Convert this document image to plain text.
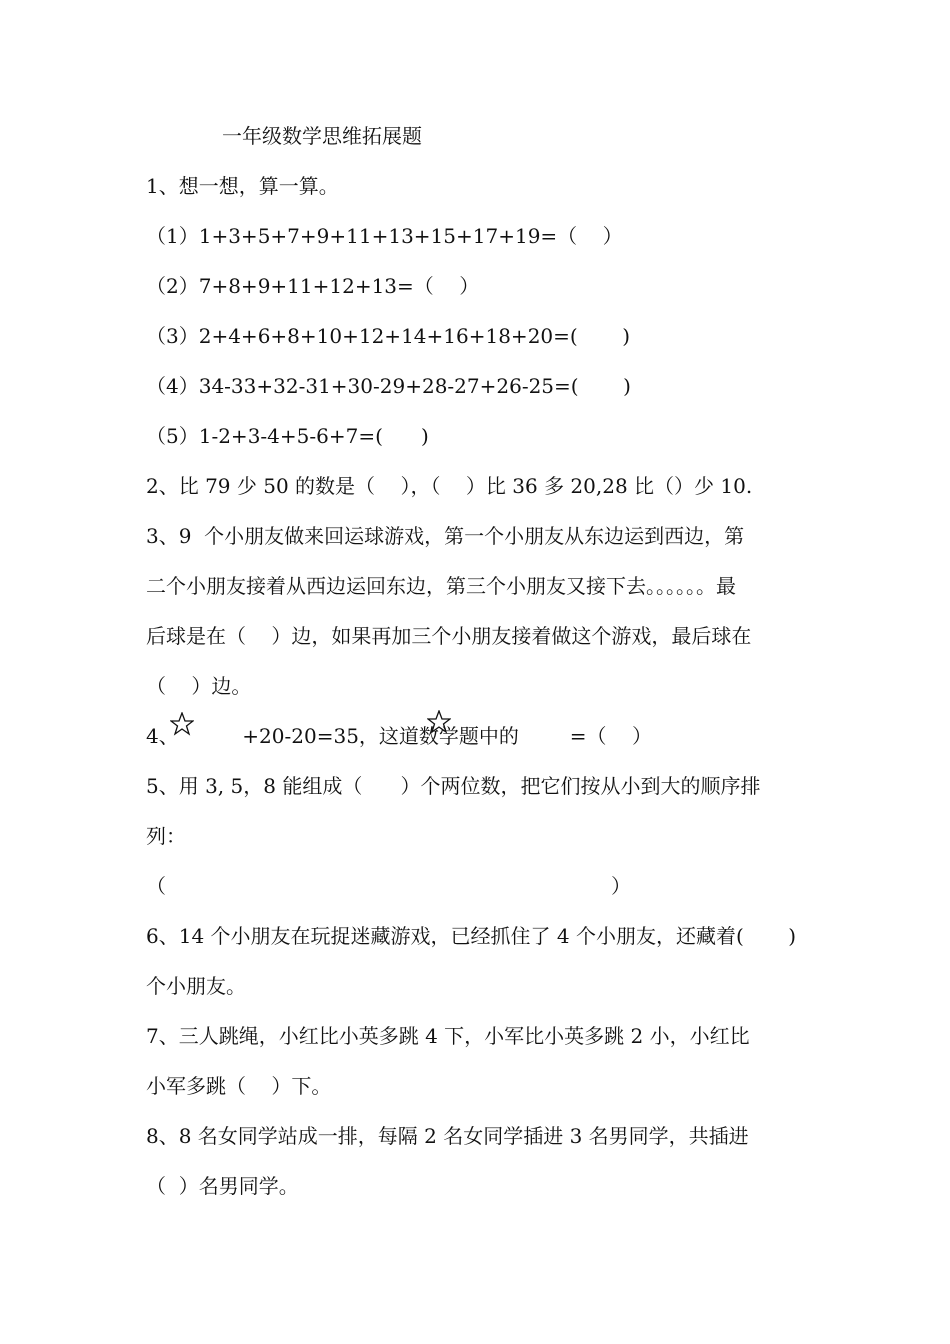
一年级数学思维拓展题
1、想一想，算一算。
（1）1+3+5+7+9+11+13+15+17+19=（    ）
（2）7+8+9+11+12+13=（    ）
（3）2+4+6+8+10+12+14+16+18+20=(       )
（4）34-33+32-31+30-29+28-27+26-25=(       )
（5）1-2+3-4+5-6+7=(      )
2、比 79 少 50 的数是（    ），（    ）比 36 多 20,28 比（）少 10.
3、9  个小朋友做来回运球游戏，第一个小朋友从东边运到西边，第
二个小朋友接着从西边运回东边，第三个小朋友又接下去。。。。。。最
后球是在（    ）边，如果再加三个小朋友接着做这个游戏，最后球在
（    ）边。
4、          +20-20=35，这道数学题中的        =（    ）
5、用 3, 5，8 能组成（      ）个两位数，把它们按从小到大的顺序排
列：
（                                                                      ）
6、14 个小朋友在玩捉迷藏游戏，已经抓住了 4 个小朋友，还藏着(       )
个小朋友。
7、三人跳绳，小红比小英多跳 4 下，小军比小英多跳 2 小，小红比
小军多跳（    ）下。
8、8 名女同学站成一排，每隔 2 名女同学插进 3 名男同学，共插进
（  ）名男同学。
